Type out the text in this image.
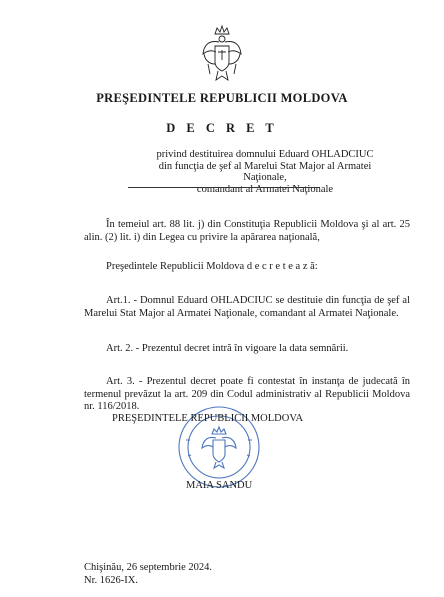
PREŞEDINTELE REPUBLICII MOLDOVA
D E C R E T
privind destituirea domnului Eduard OHLADCIUC
din funcţia de şef al Marelui Stat Major al Armatei Naţionale,
comandant al Armatei Naţionale
În temeiul art. 88 lit. j) din Constituţia Republicii Moldova şi al art. 25 alin. (2) lit. i) din Legea cu privire la apărarea naţională,
Preşedintele Republicii Moldova d e c r e t e a z ă:
Art.1. - Domnul Eduard OHLADCIUC se destituie din funcţia de şef al Marelui Stat Major al Armatei Naţionale, comandant al Armatei Naţionale.
Art. 2. - Prezentul decret intră în vigoare la data semnării.
Art. 3. - Prezentul decret poate fi contestat în instanţa de judecată în termenul prevăzut la art. 209 din Codul administrativ al Republicii Moldova nr. 116/2018.
PREŞEDINTELE REPUBLICII MOLDOVA
MAIA SANDU
Chişinău, 26 septembrie 2024.
Nr. 1626-IX.
